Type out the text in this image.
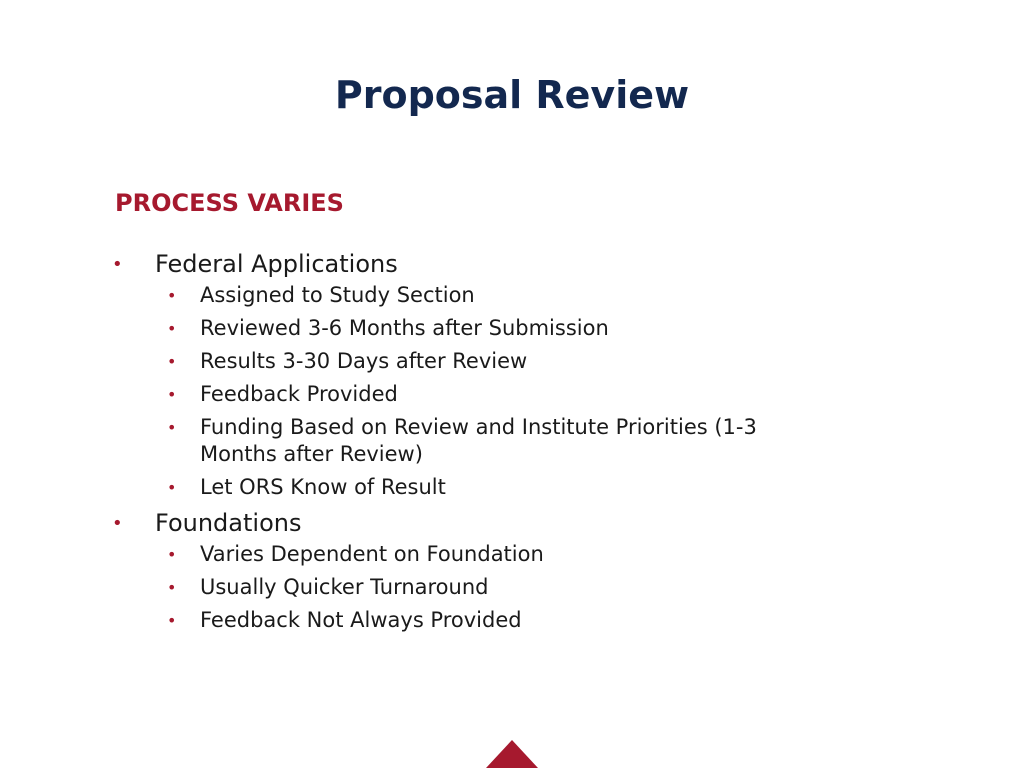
Proposal Review
PROCESS VARIES
• Federal Applications
• Assigned to Study Section
• Reviewed 3-6 Months after Submission
• Results 3-30 Days after Review
• Feedback Provided
• Funding Based on Review and Institute Priorities (1-3 Months after Review)
• Let ORS Know of Result
• Foundations
• Varies Dependent on Foundation
• Usually Quicker Turnaround
• Feedback Not Always Provided
